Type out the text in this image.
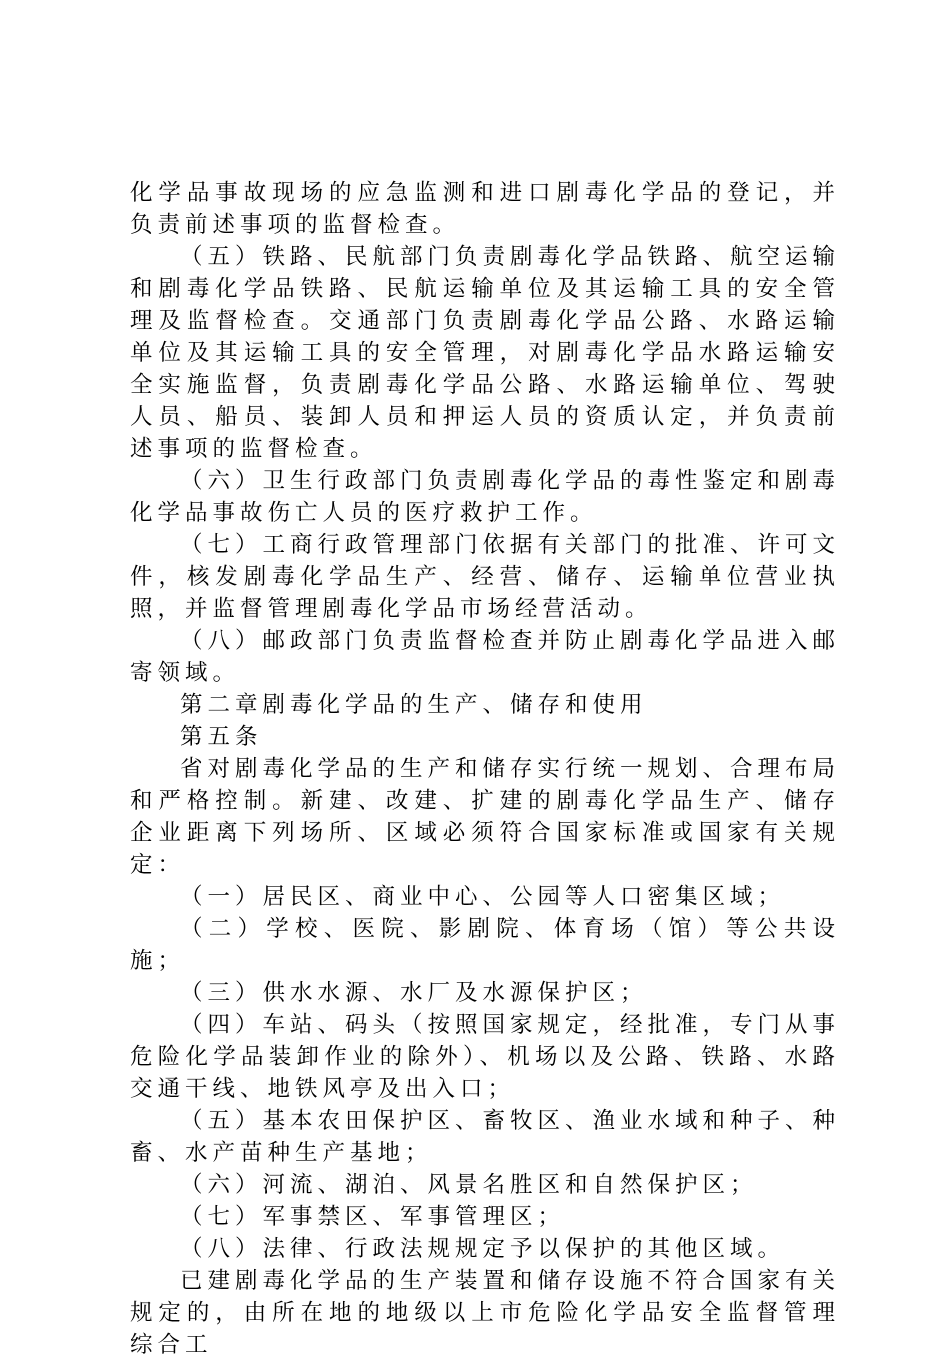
化学品事故现场的应急监测和进口剧毒化学品的登记，并负责前述事项的监督检查。

（五）铁路、民航部门负责剧毒化学品铁路、航空运输和剧毒化学品铁路、民航运输单位及其运输工具的安全管理及监督检查。交通部门负责剧毒化学品公路、水路运输单位及其运输工具的安全管理，对剧毒化学品水路运输安全实施监督，负责剧毒化学品公路、水路运输单位、驾驶人员、船员、装卸人员和押运人员的资质认定，并负责前述事项的监督检查。

（六）卫生行政部门负责剧毒化学品的毒性鉴定和剧毒化学品事故伤亡人员的医疗救护工作。

（七）工商行政管理部门依据有关部门的批准、许可文件，核发剧毒化学品生产、经营、储存、运输单位营业执照，并监督管理剧毒化学品市场经营活动。

（八）邮政部门负责监督检查并防止剧毒化学品进入邮寄领域。

第二章剧毒化学品的生产、储存和使用

第五条

省对剧毒化学品的生产和储存实行统一规划、合理布局和严格控制。新建、改建、扩建的剧毒化学品生产、储存企业距离下列场所、区域必须符合国家标准或国家有关规定：

（一）居民区、商业中心、公园等人口密集区域；

（二）学校、医院、影剧院、体育场（馆）等公共设施；

（三）供水水源、水厂及水源保护区；

（四）车站、码头（按照国家规定，经批准，专门从事危险化学品装卸作业的除外）、机场以及公路、铁路、水路交通干线、地铁风亭及出入口；

（五）基本农田保护区、畜牧区、渔业水域和种子、种畜、水产苗种生产基地；

（六）河流、湖泊、风景名胜区和自然保护区；

（七）军事禁区、军事管理区；

（八）法律、行政法规规定予以保护的其他区域。

已建剧毒化学品的生产装置和储存设施不符合国家有关规定的，由所在地的地级以上市危险化学品安全监督管理综合工
